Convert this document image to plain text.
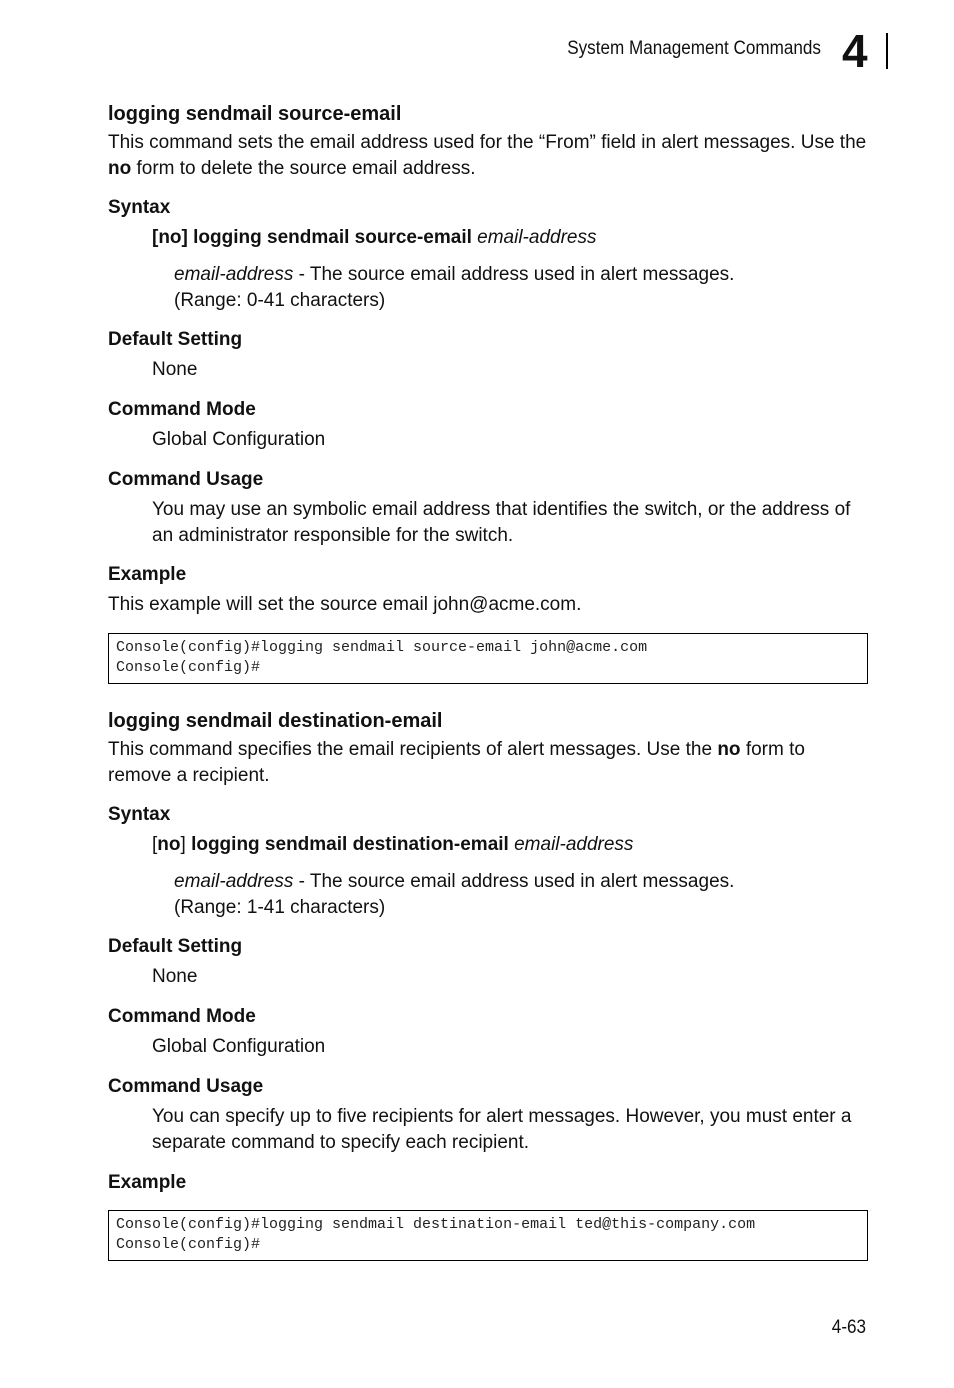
System Management Commands 4
logging sendmail source-email

This command sets the email address used for the “From” field in alert messages. Use the no form to delete the source email address.

Syntax

[no] logging sendmail source-email email-address

email-address - The source email address used in alert messages.

(Range: 0-41 characters)

Default Setting

None

Command Mode

Global Configuration

Command Usage

You may use an symbolic email address that identifies the switch, or the address of an administrator responsible for the switch.

Example

This example will set the source email john@acme.com.

Console(config)#logging sendmail source-email john@acme.com
Console(config)#
logging sendmail destination-email

This command specifies the email recipients of alert messages. Use the no form to remove a recipient.

Syntax

[no] logging sendmail destination-email email-address

email-address - The source email address used in alert messages.

(Range: 1-41 characters)

Default Setting

None

Command Mode

Global Configuration

Command Usage

You can specify up to five recipients for alert messages. However, you must enter a separate command to specify each recipient.

Example
Console(config)#logging sendmail destination-email ted@this-company.com
Console(config)#
4-63
